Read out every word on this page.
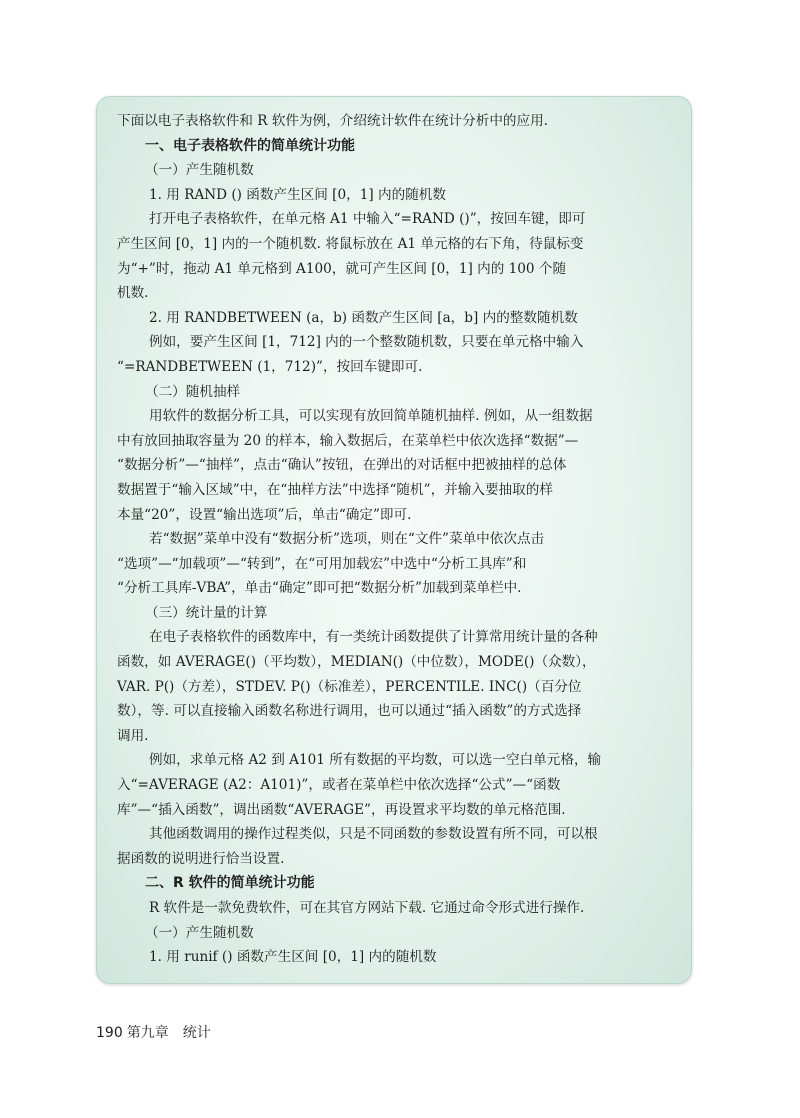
下面以电子表格软件和 R 软件为例，介绍统计软件在统计分析中的应用.
一、电子表格软件的简单统计功能
（一）产生随机数
1. 用 RAND () 函数产生区间 [0，1] 内的随机数
打开电子表格软件，在单元格 A1 中输入“=RAND ()”，按回车键，即可
产生区间 [0，1] 内的一个随机数. 将鼠标放在 A1 单元格的右下角，待鼠标变
为“+”时，拖动 A1 单元格到 A100，就可产生区间 [0，1] 内的 100 个随
机数.
2. 用 RANDBETWEEN (a，b) 函数产生区间 [a，b] 内的整数随机数
例如，要产生区间 [1，712] 内的一个整数随机数，只要在单元格中输入
“=RANDBETWEEN (1，712)”，按回车键即可.
（二）随机抽样
用软件的数据分析工具，可以实现有放回简单随机抽样. 例如，从一组数据
中有放回抽取容量为 20 的样本，输入数据后，在菜单栏中依次选择“数据”—
“数据分析”—“抽样”，点击“确认”按钮，在弹出的对话框中把被抽样的总体
数据置于“输入区域”中，在“抽样方法”中选择“随机”，并输入要抽取的样
本量“20”，设置“输出选项”后，单击“确定”即可.
若“数据”菜单中没有“数据分析”选项，则在“文件”菜单中依次点击
“选项”—“加载项”—“转到”，在“可用加载宏”中选中“分析工具库”和
“分析工具库-VBA”，单击“确定”即可把“数据分析”加载到菜单栏中.
（三）统计量的计算
在电子表格软件的函数库中，有一类统计函数提供了计算常用统计量的各种
函数，如 AVERAGE()（平均数），MEDIAN()（中位数），MODE()（众数），
VAR. P()（方差），STDEV. P()（标准差），PERCENTILE. INC()（百分位
数），等. 可以直接输入函数名称进行调用，也可以通过“插入函数”的方式选择
调用.
例如，求单元格 A2 到 A101 所有数据的平均数，可以选一空白单元格，输
入“=AVERAGE (A2：A101)”，或者在菜单栏中依次选择“公式”—“函数
库”—“插入函数”，调出函数“AVERAGE”，再设置求平均数的单元格范围.
其他函数调用的操作过程类似，只是不同函数的参数设置有所不同，可以根
据函数的说明进行恰当设置.
二、R 软件的简单统计功能
R 软件是一款免费软件，可在其官方网站下载. 它通过命令形式进行操作.
（一）产生随机数
1. 用 runif () 函数产生区间 [0，1] 内的随机数
190 第九章 统计
